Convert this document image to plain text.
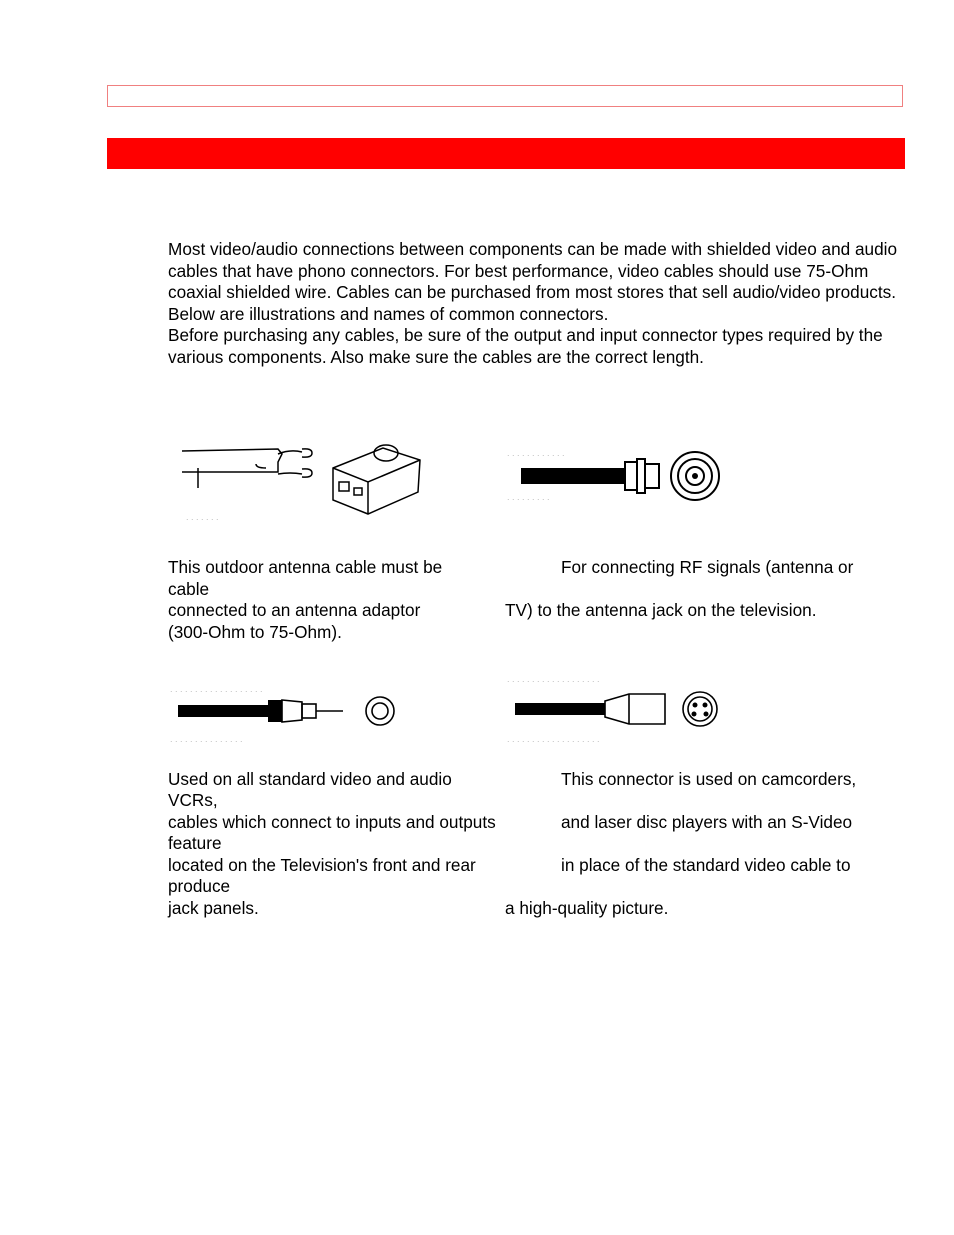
Most video/audio connections between components can be made with shielded video and audio cables that have phono connectors. For best performance, video cables should use 75-Ohm coaxial shielded wire. Cables can be purchased from most stores that sell audio/video products. Below are illustrations and names of common connectors.

Before purchasing any cables, be sure of the output and input connector types required by the various components. Also make sure the cables are the correct length.

. . . . . . .
. . . . . . . . . . . .
. . . . . . . . .
. . . . . . . . . . . . . . . . . . .
. . . . . . . . . . . . . . .
. . . . . . . . . . . . . . . . . . .
. . . . . . . . . . . . . . . . . . .
This outdoor antenna cable must be
cable
connected to an antenna adaptor
(300-Ohm to 75-Ohm).
For connecting RF signals (antenna or
TV) to the antenna jack on the television.
Used on all standard video and audio
VCRs,
cables which connect to inputs and outputs
feature
located on the Television's front and rear
produce
jack panels.
This connector is used on camcorders,
and laser disc players with an S-Video
in place of the standard video cable to
a high-quality picture.
